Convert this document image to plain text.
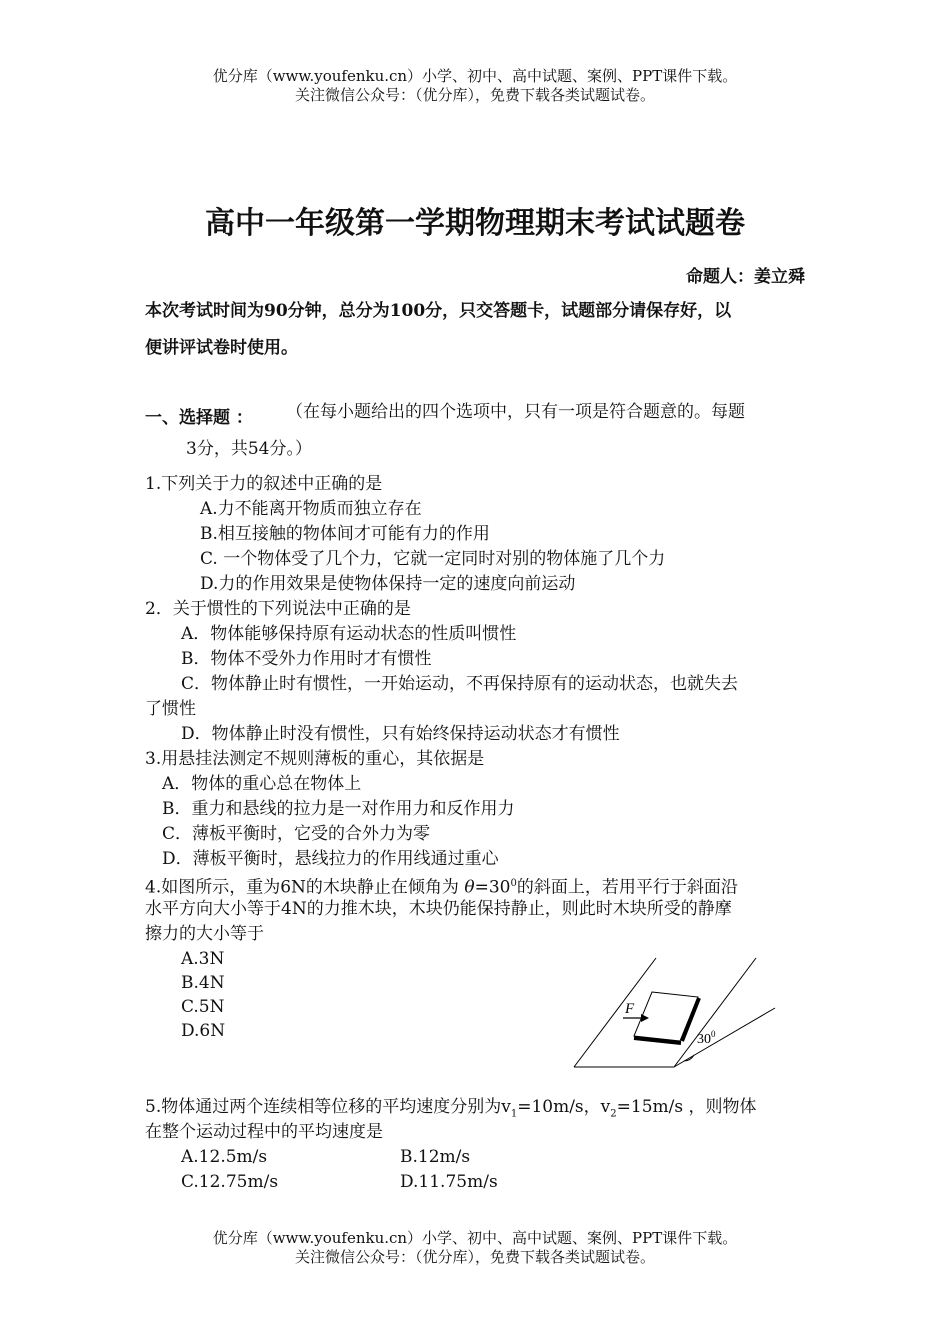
优分库（www.youfenku.cn）小学、初中、高中试题、案例、PPT课件下载。
关注微信公众号：（优分库），免费下载各类试题试卷。
高中一年级第一学期物理期末考试试题卷
命题人：姜立舜
本次考试时间为90分钟，总分为100分，只交答题卡，试题部分请保存好，以
便讲评试卷时使用。
一、选择题 ： （在每小题给出的四个选项中，只有一项是符合题意的。每题
3分，共54分。）
1.下列关于力的叙述中正确的是
A.力不能离开物质而独立存在
B.相互接触的物体间才可能有力的作用
C. 一个物体受了几个力，它就一定同时对别的物体施了几个力
D.力的作用效果是使物体保持一定的速度向前运动
2．关于惯性的下列说法中正确的是
A．物体能够保持原有运动状态的性质叫惯性
B．物体不受外力作用时才有惯性
C．物体静止时有惯性，一开始运动，不再保持原有的运动状态，也就失去
了惯性
D．物体静止时没有惯性，只有始终保持运动状态才有惯性
3.用悬挂法测定不规则薄板的重心，其依据是
A．物体的重心总在物体上
B．重力和悬线的拉力是一对作用力和反作用力
C．薄板平衡时，它受的合外力为零
D．薄板平衡时，悬线拉力的作用线通过重心
4.如图所示，重为6N的木块静止在倾角为 $\theta=30^0$的斜面上，若用平行于斜面沿
水平方向大小等于4N的力推木块，木块仍能保持静止，则此时木块所受的静摩
擦力的大小等于
A.3N
B.4N
C.5N
D.6N
F
$30^0$
5.物体通过两个连续相等位移的平均速度分别为$v_1=10m/s$，$v_2=15m/s$ ，则物体
在整个运动过程中的平均速度是
A.12.5m/s	B.12m/s
C.12.75m/s	D.11.75m/s
优分库（www.youfenku.cn）小学、初中、高中试题、案例、PPT课件下载。
关注微信公众号：（优分库），免费下载各类试题试卷。
